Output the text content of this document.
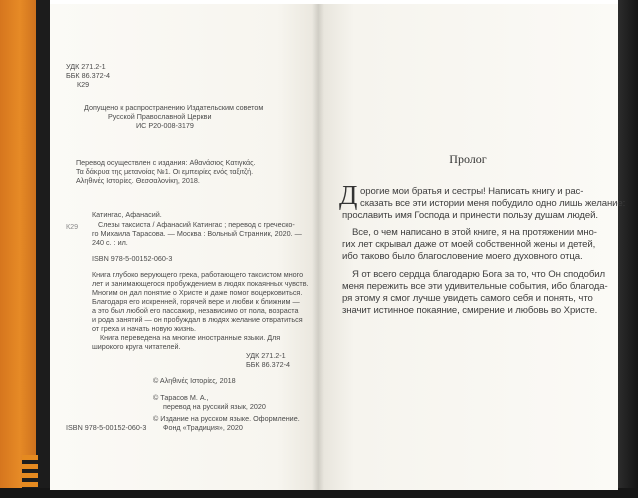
УДК 271.2-1
ББК 86.372-4
К29
Допущено к распространению Издательским советом
Русской Православной Церкви
ИС Р20-008-3179
Перевод осуществлен с издания: Αθανάσιος Κατιγκάς.
Τα δάκρυα της μετανοίας №1. Οι εμπειρίες ενός ταξιτζή.
Αληθινές Ιστορίες. Θεσσαλονίκη, 2018.
К29
Катингас, Афанасий.
Слезы таксиста / Афанасий Катингас ; перевод с греческо-
го Михаила Тарасова. — Москва : Вольный Странник, 2020. —
240 с. : ил.
ISBN 978-5-00152-060-3
Книга глубоко верующего грека, работающего таксистом много
лет и занимающегося пробуждением в людях покаянных чувств.
Многим он дал понятие о Христе и даже помог воцерковиться.
Благодаря его искренней, горячей вере и любви к ближним —
а это был любой его пассажир, независимо от пола, возраста
и рода занятий — он пробуждал в людях желание отвратиться
от греха и начать новую жизнь.
Книга переведена на многие иностранные языки. Для
широкого круга читателей.
УДК 271.2-1
ББК 86.372-4
© Αληθινές Ιστορίες, 2018
© Тарасов М. А.,
перевод на русский язык, 2020
© Издание на русском языке. Оформление.
Фонд «Традиция», 2020
ISBN 978-5-00152-060-3
Пролог
Д орогие мои братья и сестры! Написать книгу и рас-
сказать все эти истории меня побудило одно лишь желание:
прославить имя Господа и принести пользу душам людей.
Все, о чем написано в этой книге, я на протяжении мно-
гих лет скрывал даже от моей собственной жены и детей,
ибо таково было благословение моего духовного отца.
Я от всего сердца благодарю Бога за то, что Он сподобил
меня пережить все эти удивительные события, ибо благода-
ря этому я смог лучше увидеть самого себя и понять, что
значит истинное покаяние, смирение и любовь во Христе.
